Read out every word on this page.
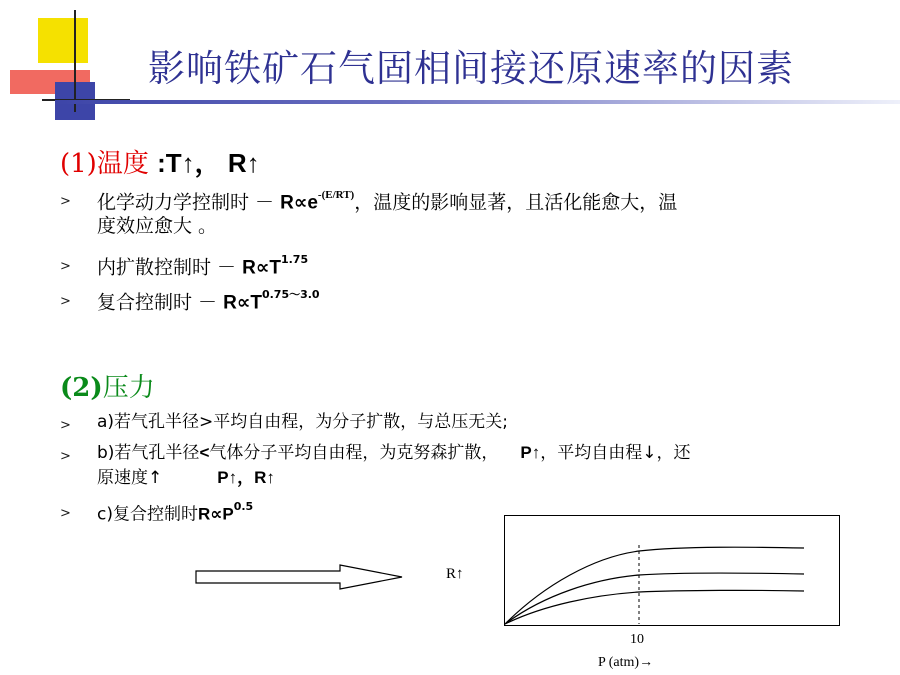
影响铁矿石气固相间接还原速率的因素
(1)温度 :T↑， R↑
> 化学动力学控制时 － $R\propto e^{-(E/RT)}$，温度的影响显著，且活化能愈大，温
度效应愈大 。
> 内扩散控制时 － $R\propto T^{1.75}$
> 复合控制时 － $R\propto T^{0.75\sim 3.0}$
(2)压力
> a)若气孔半径>平均自由程，为分子扩散，与总压无关;
> b)若气孔半径<气体分子平均自由程，为克努森扩散， P↑，平均自由程↓，还
原速度↑	P↑，R↑
> c)复合控制时$R\propto P^{0.5}$
R↑
10
P (atm)→
